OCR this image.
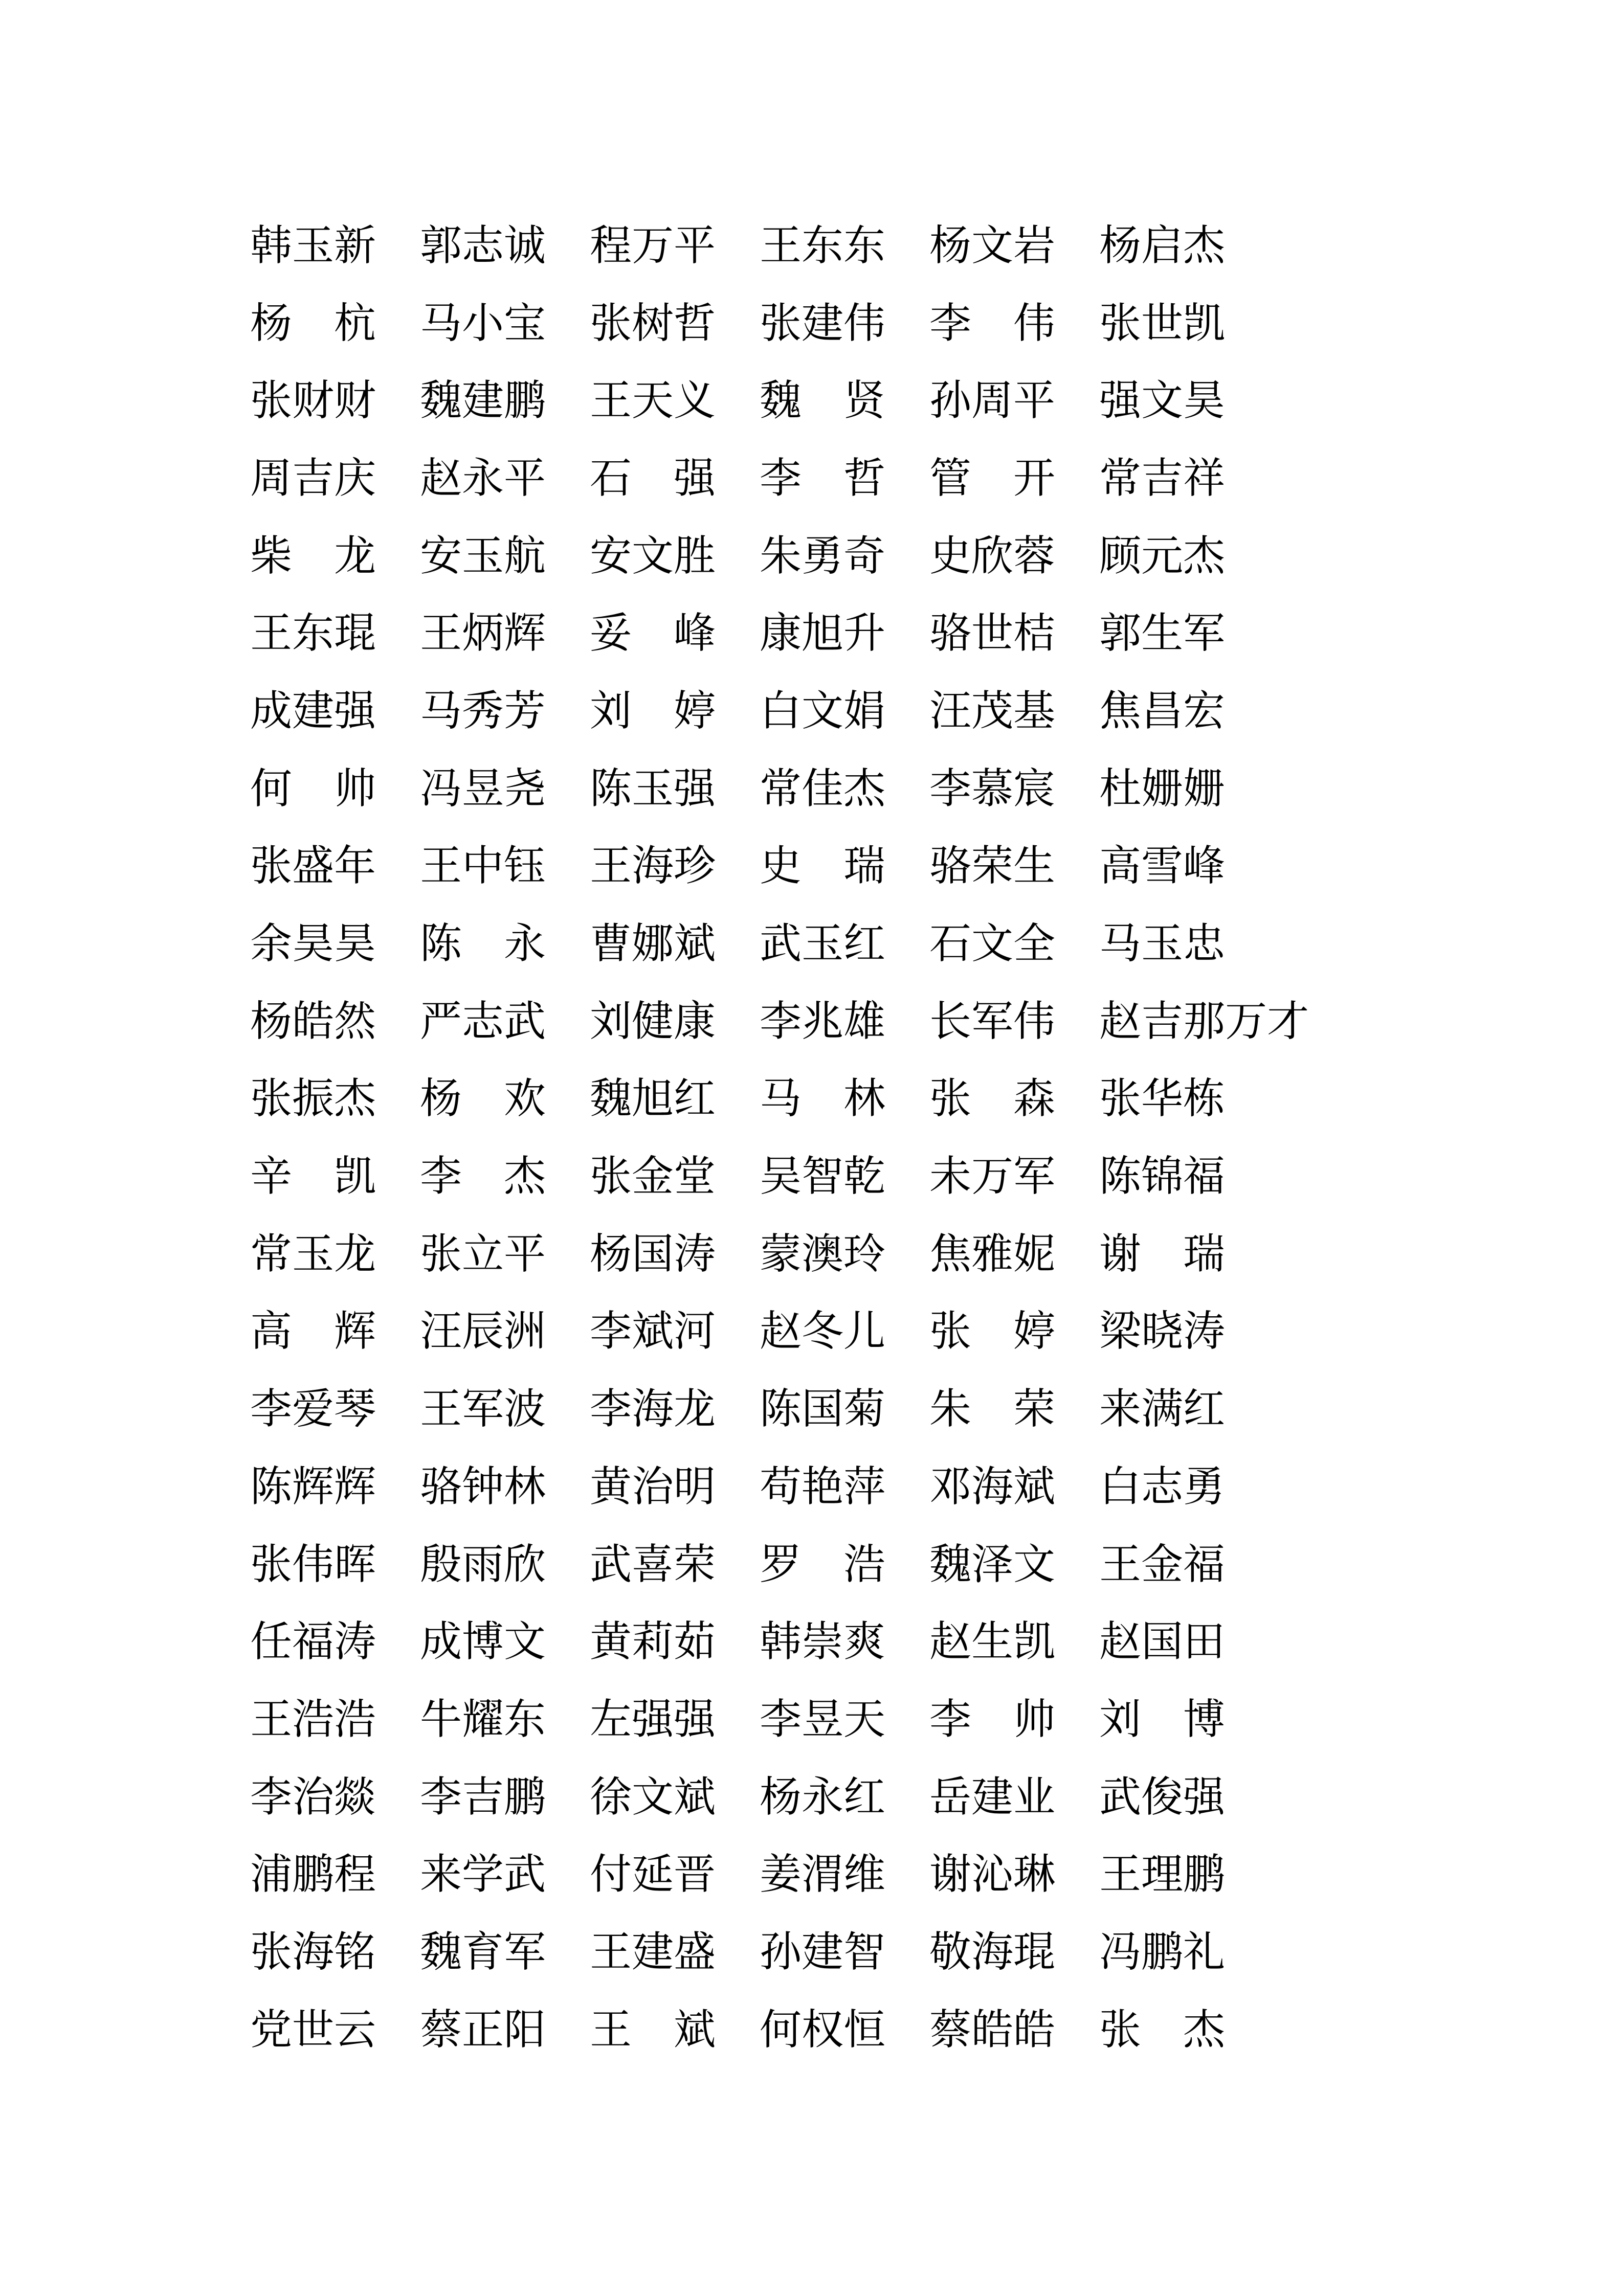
韩 玉 新 郭 志 诚 程 万 平 王 东 东 杨 文 岩 杨 启 杰
杨 杭 马 小 宝 张 树 哲 张 建 伟 李 伟 张 世 凯
张 财 财 魏 建 鹏 王 天 义 魏 贤 孙 周 平 强 文 昊
周 吉 庆 赵 永 平 石 强 李 哲 管 开 常 吉 祥
柴 龙 安 玉 航 安 文 胜 朱 勇 奇 史 欣 蓉 顾 元 杰
王 东 琨 王 炳 辉 妥 峰 康 旭 升 骆 世 桔 郭 生 军
成 建 强 马 秀 芳 刘 婷 白 文 娟 汪 茂 基 焦 昌 宏
何 帅 冯 昱 尧 陈 玉 强 常 佳 杰 李 慕 宸 杜 姗 姗
张 盛 年 王 中 钰 王 海 珍 史 瑞 骆 荣 生 高 雪 峰
余 昊 昊 陈 永 曹 娜 斌 武 玉 红 石 文 全 马 玉 忠
杨 皓 然 严 志 武 刘 健 康 李 兆 雄 长 军 伟 赵 吉 那 万 才
张 振 杰 杨 欢 魏 旭 红 马 林 张 森 张 华 栋
辛 凯 李 杰 张 金 堂 吴 智 乾 未 万 军 陈 锦 福
常 玉 龙 张 立 平 杨 国 涛 蒙 澳 玲 焦 雅 妮 谢 瑞
高 辉 汪 辰 洲 李 斌 河 赵 冬 儿 张 婷 梁 晓 涛
李 爱 琴 王 军 波 李 海 龙 陈 国 菊 朱 荣 来 满 红
陈 辉 辉 骆 钟 林 黄 治 明 苟 艳 萍 邓 海 斌 白 志 勇
张 伟 晖 殷 雨 欣 武 喜 荣 罗 浩 魏 泽 文 王 金 福
任 福 涛 成 博 文 黄 莉 茹 韩 崇 爽 赵 生 凯 赵 国 田
王 浩 浩 牛 耀 东 左 强 强 李 昱 天 李 帅 刘 博
李 治 燚 李 吉 鹏 徐 文 斌 杨 永 红 岳 建 业 武 俊 强
浦 鹏 程 来 学 武 付 延 晋 姜 渭 维 谢 沁 琳 王 理 鹏
张 海 铭 魏 育 军 王 建 盛 孙 建 智 敬 海 琨 冯 鹏 礼
党 世 云 蔡 正 阳 王 斌 何 权 恒 蔡 皓 皓 张 杰
